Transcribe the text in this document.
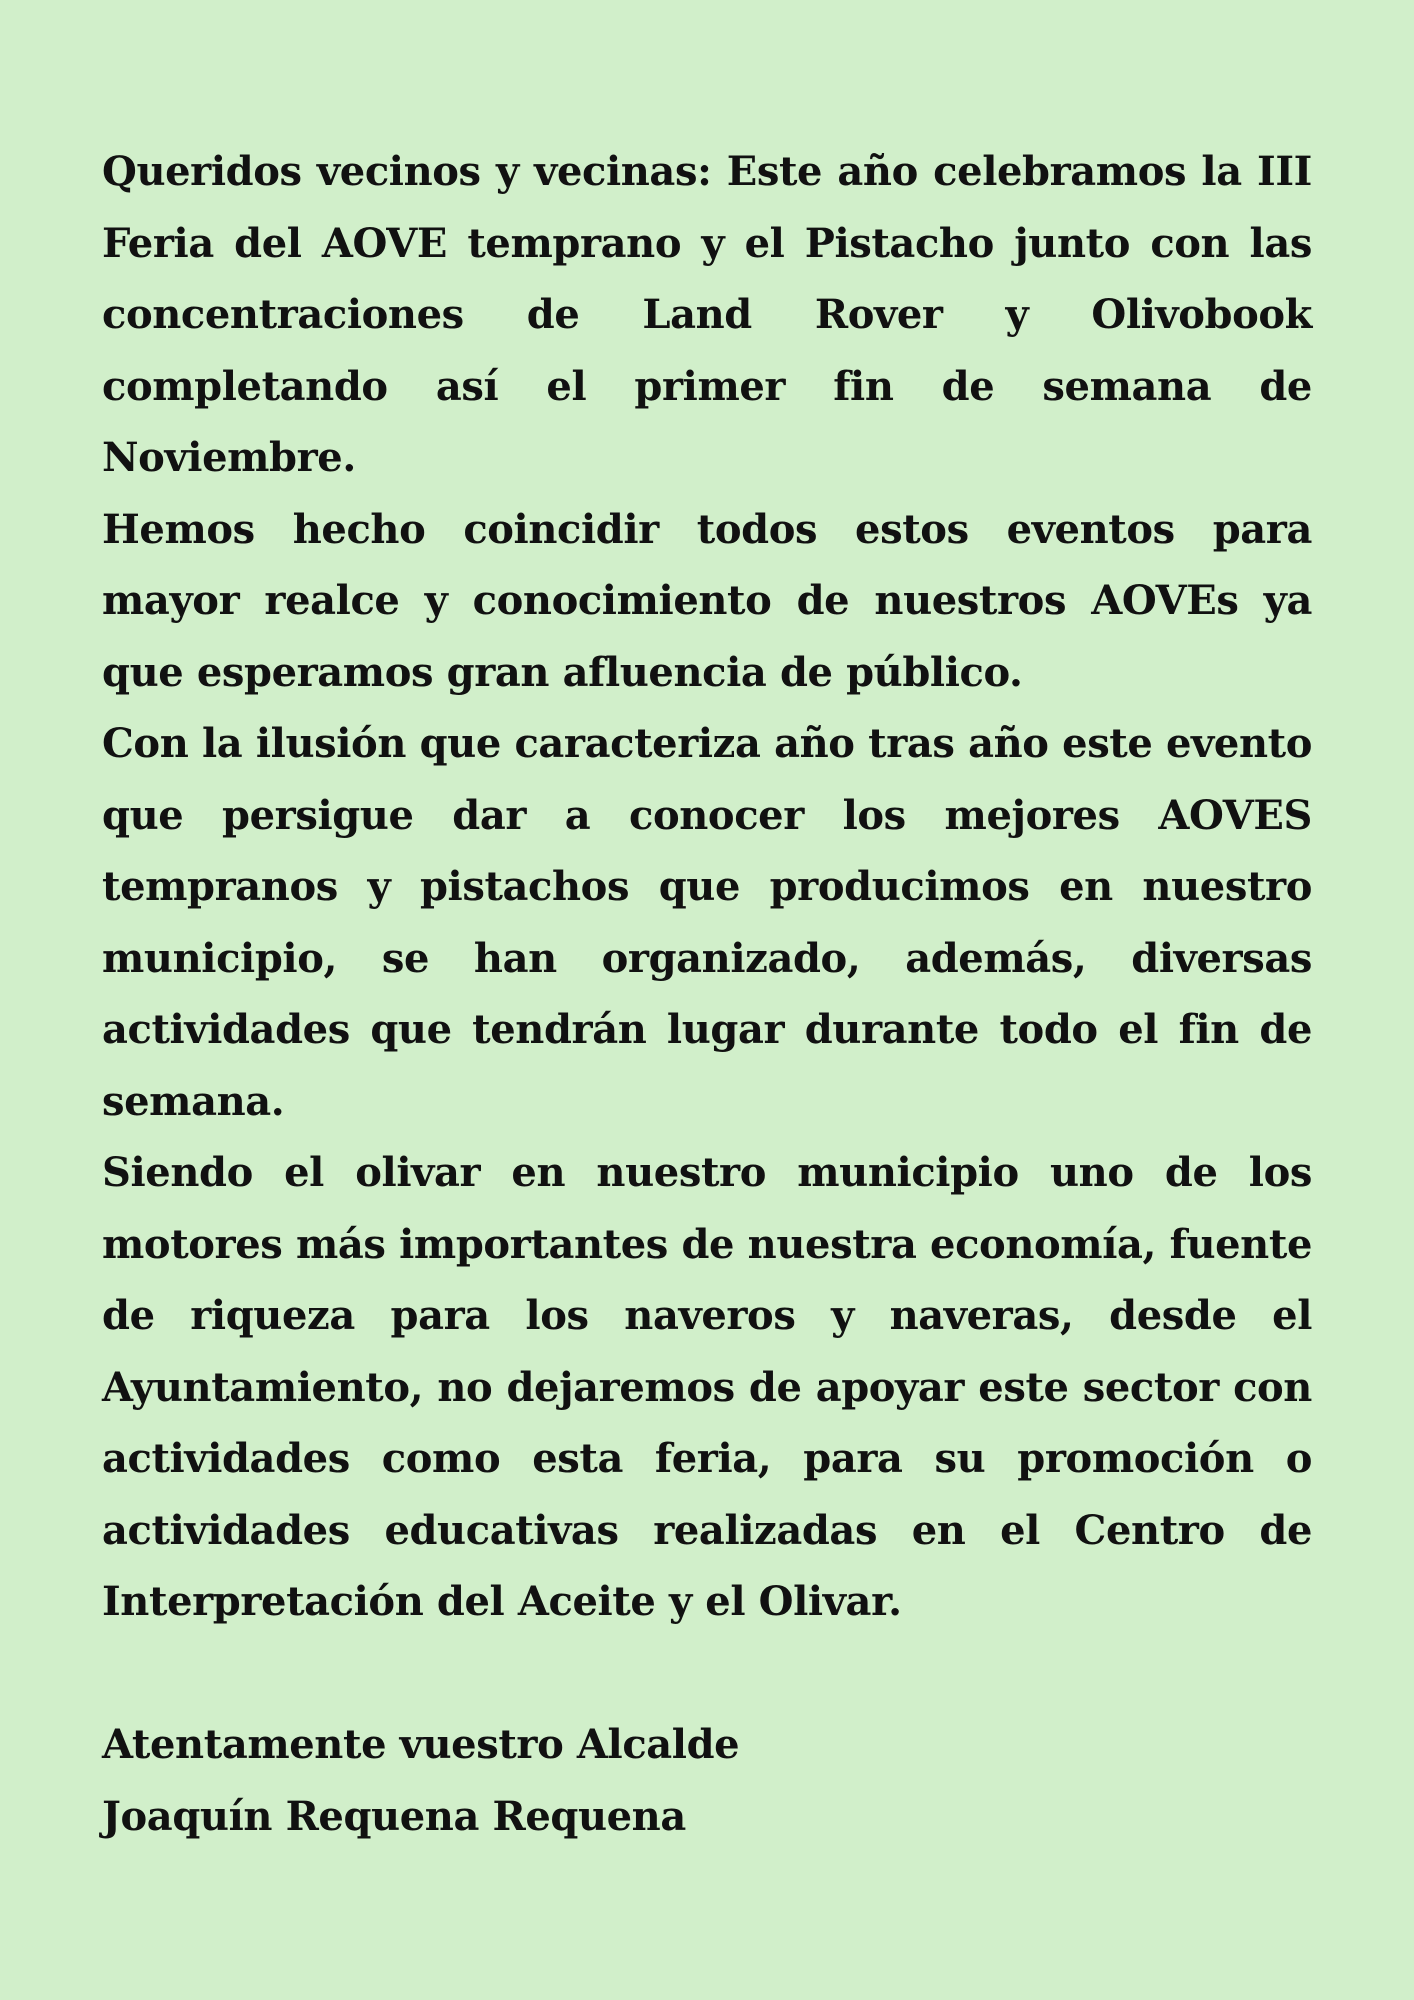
Queridos vecinos y vecinas: Este año celebramos la III Feria del AOVE temprano y el Pistacho junto con las concentraciones de Land Rover y Olivobook completando así el primer fin de semana de Noviembre.

Hemos hecho coincidir todos estos eventos para mayor realce y conocimiento de nuestros AOVEs ya que esperamos gran afluencia de público.

Con la ilusión que caracteriza año tras año este evento que persigue dar a conocer los mejores AOVES tempranos y pistachos que producimos en nuestro municipio, se han organizado, además, diversas actividades que tendrán lugar durante todo el fin de semana.

Siendo el olivar en nuestro municipio uno de los motores más importantes de nuestra economía, fuente de riqueza para los naveros y naveras, desde el Ayuntamiento, no dejaremos de apoyar este sector con actividades como esta feria, para su promoción o actividades educativas realizadas en el Centro de Interpretación del Aceite y el Olivar.

Atentamente vuestro Alcalde

Joaquín Requena Requena
